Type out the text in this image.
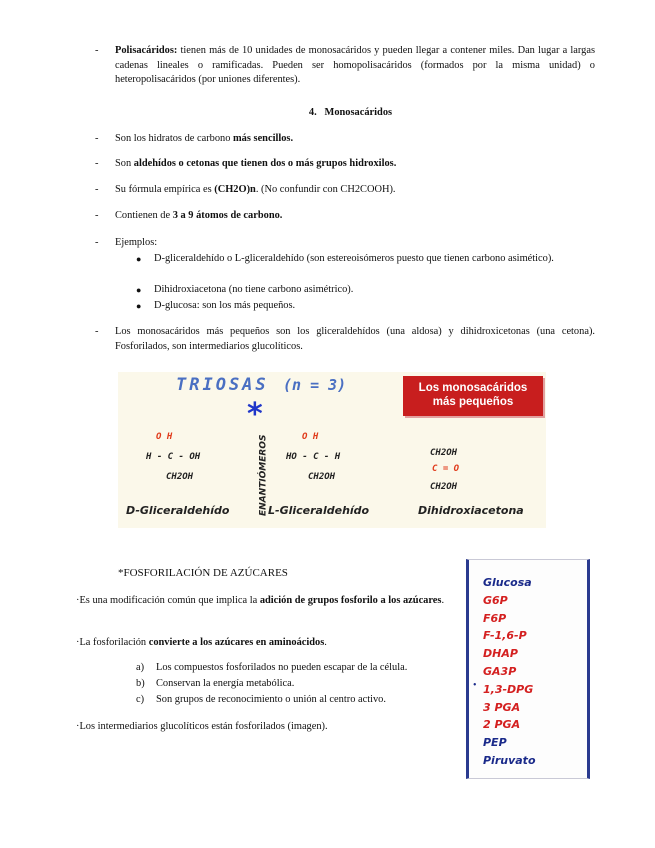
- Polisacáridos: tienen más de 10 unidades de monosacáridos y pueden llegar a contener miles. Dan lugar a largas cadenas lineales o ramificadas. Pueden ser homopolisacáridos (formados por la misma unidad) o heteropolisacáridos (por uniones diferentes).
4. Monosacáridos
- Son los hidratos de carbono más sencillos.
- Son aldehídos o cetonas que tienen dos o más grupos hidroxilos.
- Su fórmula empírica es (CH2O)n. (No confundir con CH2COOH).
- Contienen de 3 a 9 átomos de carbono.
- Ejemplos:
● D-gliceraldehído o L-gliceraldehído (son estereoisómeros puesto que tienen carbono asimético).
● Dihidroxiacetona (no tiene carbono asimétrico).
● D-glucosa: son los más pequeños.
- Los monosacáridos más pequeños son los gliceraldehídos (una aldosa) y dihidroxicetonas (una cetona). Fosforilados, son intermediarios glucolíticos.
TRIOSAS (n = 3)	Los monosacáridos
más pequeños
*
ENANTIÓMEROS
O H
H - C - OH
CH2OH
D-Gliceraldehído
O H
HO - C - H
CH2OH
L-Gliceraldehído
CH2OH
C = O
CH2OH
Dihidroxiacetona
*FOSFORILACIÓN DE AZÚCARES
·Es una modificación común que implica la adición de grupos fosforilo a los azúcares.
·La fosforilación convierte a los azúcares en aminoácidos.
a) Los compuestos fosforilados no pueden escapar de la célula.
b) Conservan la energía metabólica.
c) Son grupos de reconocimiento o unión al centro activo.
·Los intermediarios glucolíticos están fosforilados (imagen).
Glucosa
G6P
F6P
F-1,6-P
DHAP
GA3P
1,3-DPG
3 PGA
2 PGA
PEP
Piruvato
•
